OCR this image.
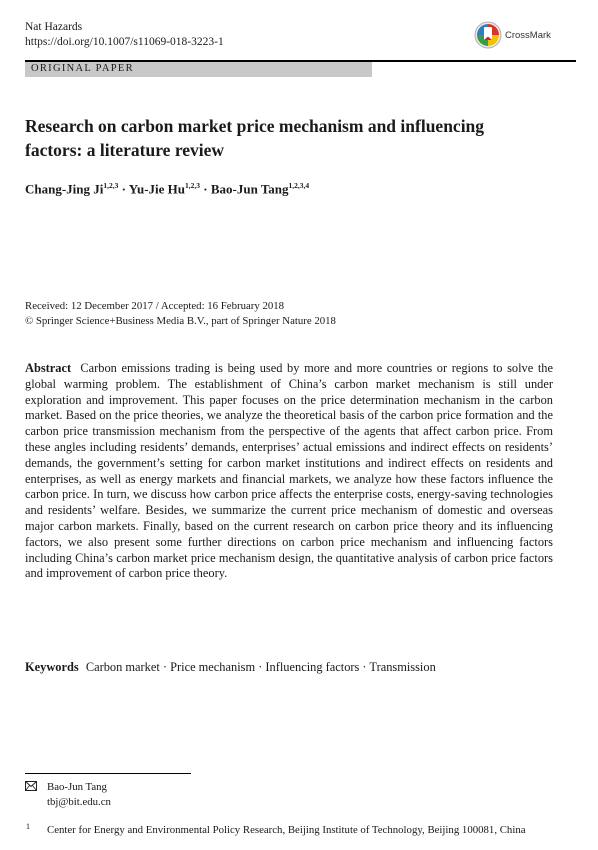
Nat Hazards
https://doi.org/10.1007/s11069-018-3223-1
CrossMark
ORIGINAL PAPER
Research on carbon market price mechanism and influencing factors: a literature review
Chang-Jing Ji$^{1,2,3}$ · Yu-Jie Hu$^{1,2,3}$ · Bao-Jun Tang$^{1,2,3,4}$
Received: 12 December 2017 / Accepted: 16 February 2018
© Springer Science+Business Media B.V., part of Springer Nature 2018

Abstract Carbon emissions trading is being used by more and more countries or regions to solve the global warming problem. The establishment of China’s carbon market mechanism is still under exploration and improvement. This paper focuses on the price determination mechanism in the carbon market. Based on the price theories, we analyze the theoretical basis of the carbon price formation and the carbon price transmission mechanism from the perspective of the agents that affect carbon price. From these angles including residents’ demands, enterprises’ actual emissions and indirect effects on residents’ demands, the government’s setting for carbon market institutions and indirect effects on residents and enterprises, as well as energy markets and financial markets, we analyze how these factors influence the carbon price. In turn, we discuss how carbon price affects the enterprise costs, energy-saving technologies and residents’ welfare. Besides, we summarize the current price mechanism of domestic and overseas major carbon markets. Finally, based on the current research on carbon price theory and its influencing factors, we also present some further directions on carbon price mechanism and influencing factors including China’s carbon market price mechanism design, the quantitative analysis of carbon price factors and improvement of carbon price theory.

Keywords Carbon market · Price mechanism · Influencing factors · Transmission
Bao-Jun Tang
tbj@bit.edu.cn
1 Center for Energy and Environmental Policy Research, Beijing Institute of Technology, Beijing 100081, China
